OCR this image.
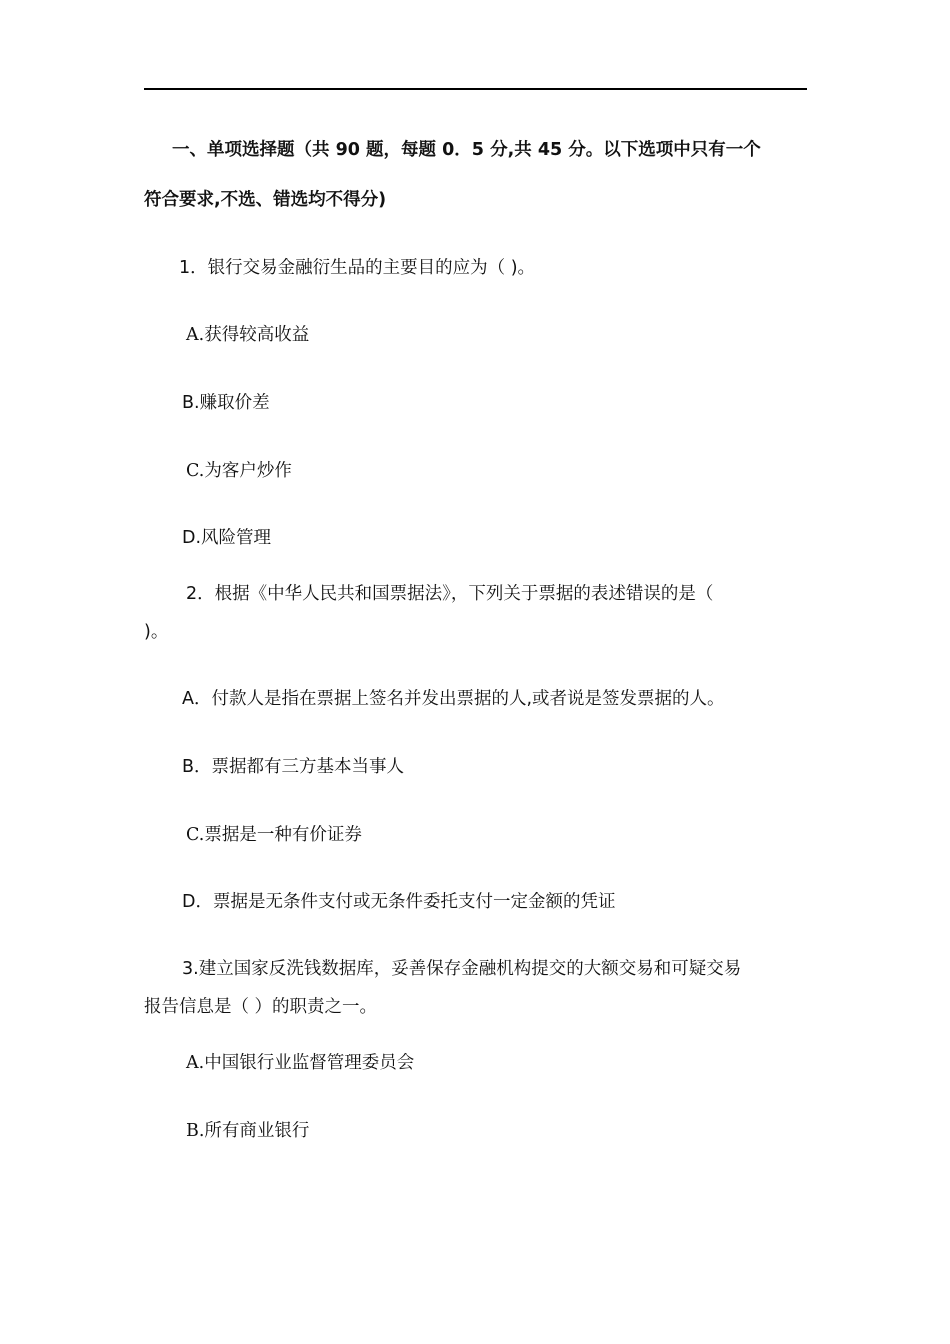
一、单项选择题（共 90 题，每题 0．5 分,共 45 分。以下选项中只有一个
符合要求,不选、错选均不得分)
1．银行交易金融衍生品的主要目的应为（ )。
A.获得较高收益
B.赚取价差
C.为客户炒作
D.风险管理
2．根据《中华人民共和国票据法》，下列关于票据的表述错误的是（
)。
A．付款人是指在票据上签名并发出票据的人,或者说是签发票据的人。
B．票据都有三方基本当事人
C.票据是一种有价证券
D．票据是无条件支付或无条件委托支付一定金额的凭证
3.建立国家反洗钱数据库，妥善保存金融机构提交的大额交易和可疑交易
报告信息是（ ）的职责之一。
A.中国银行业监督管理委员会
B.所有商业银行
